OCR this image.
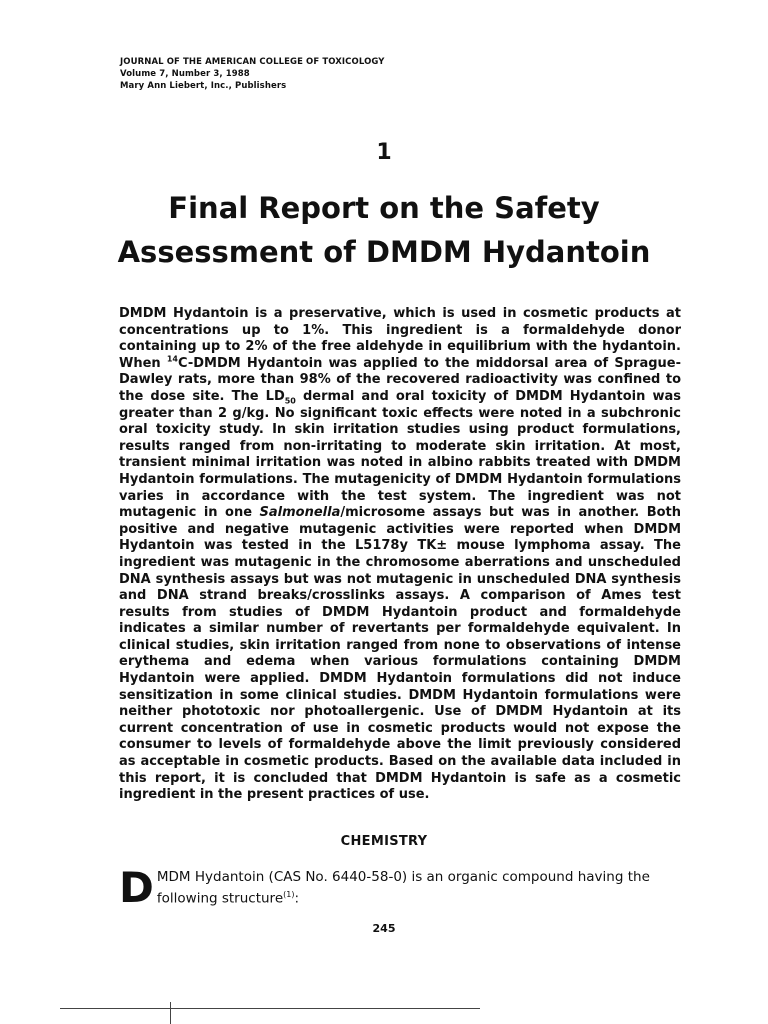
JOURNAL OF THE AMERICAN COLLEGE OF TOXICOLOGY
Volume 7, Number 3, 1988
Mary Ann Liebert, Inc., Publishers
1
Final Report on the Safety
Assessment of DMDM Hydantoin

DMDM Hydantoin is a preservative, which is used in cosmetic products at concentrations up to 1%. This ingredient is a formaldehyde donor containing up to 2% of the free aldehyde in equilibrium with the hydantoin. When $^{14}$C-DMDM Hydantoin was applied to the middorsal area of Sprague-Dawley rats, more than 98% of the recovered radioactivity was confined to the dose site. The $LD_{50}$ dermal and oral toxicity of DMDM Hydantoin was greater than 2 g/kg. No significant toxic effects were noted in a subchronic oral toxicity study. In skin irritation studies using product formulations, results ranged from non-irritating to moderate skin irritation. At most, transient minimal irritation was noted in albino rabbits treated with DMDM Hydantoin formulations. The mutagenicity of DMDM Hydantoin formulations varies in accordance with the test system. The ingredient was not mutagenic in one Salmonella/microsome assays but was in another. Both positive and negative mutagenic activities were reported when DMDM Hydantoin was tested in the L5178y TK± mouse lymphoma assay. The ingredient was mutagenic in the chromosome aberrations and unscheduled DNA synthesis assays but was not mutagenic in unscheduled DNA synthesis and DNA strand breaks/crosslinks assays. A comparison of Ames test results from studies of DMDM Hydantoin product and formaldehyde indicates a similar number of revertants per formaldehyde equivalent. In clinical studies, skin irritation ranged from none to observations of intense erythema and edema when various formulations containing DMDM Hydantoin were applied. DMDM Hydantoin formulations did not induce sensitization in some clinical studies. DMDM Hydantoin formulations were neither phototoxic nor photoallergenic. Use of DMDM Hydantoin at its current concentration of use in cosmetic products would not expose the consumer to levels of formaldehyde above the limit previously considered as acceptable in cosmetic products. Based on the available data included in this report, it is concluded that DMDM Hydantoin is safe as a cosmetic ingredient in the present practices of use.

CHEMISTRY
DMDM Hydantoin (CAS No. 6440-58-0) is an organic compound having the following structure$^{(1)}$:
245
